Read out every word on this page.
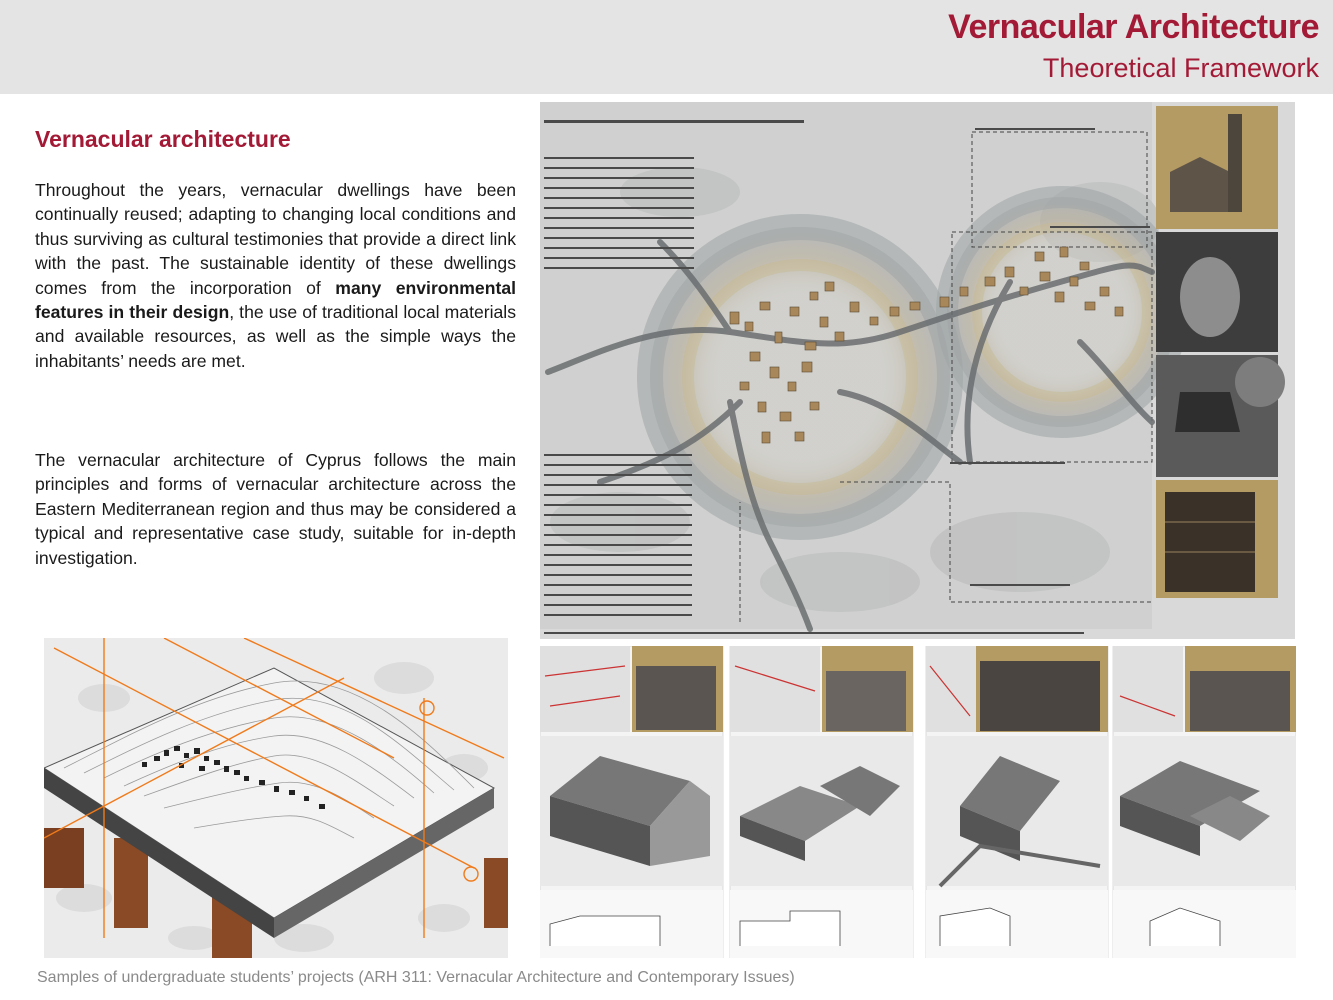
Vernacular Architecture
Theoretical Framework
Vernacular architecture
Throughout the years, vernacular dwellings have been continually reused; adapting to changing local conditions and thus surviving as cultural testimonies that provide a direct link with the past. The sustainable identity of these dwellings comes from the incorporation of many environmental features in their design, the use of traditional local materials and available resources, as well as the simple ways the inhabitants’ needs are met.
The vernacular architecture of Cyprus follows the main principles and forms of vernacular architecture across the Eastern Mediterranean region and thus may be considered a typical and representative case study, suitable for in-depth investigation.
Samples of undergraduate students’ projects (ARH 311: Vernacular Architecture and Contemporary Issues)
